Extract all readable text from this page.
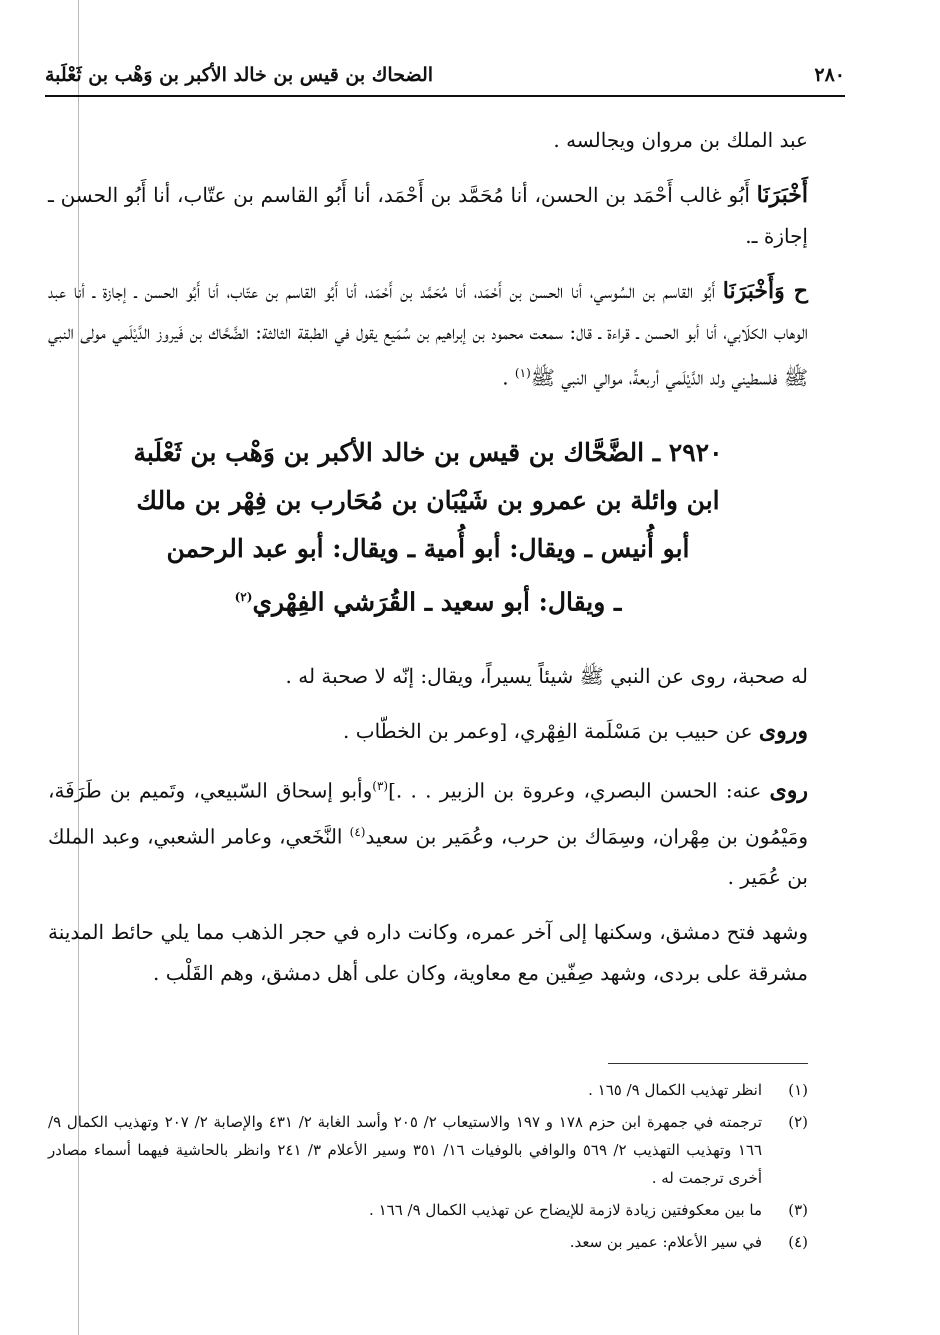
٢٨٠
الضحاك بن قيس بن خالد الأكبر بن وَهْب بن ثَعْلَبة

عبد الملك بن مروان ويجالسه .

أَخْبَرَنَا أَبُو غالب أَحْمَد بن الحسن، أنا مُحَمَّد بن أَحْمَد، أنا أَبُو القاسم بن عتّاب، أنا أَبُو الحسن ـ إجازة ـ.

ح وَأَخْبَرَنَا أَبُو القاسم بن السُوسي، أنا الحسن بن أَحْمَد، أنا مُحَمَّد بن أَحْمَد، أنا أَبُو القاسم بن عتّاب، أنا أَبُو الحسن ـ إجازة ـ أنا عبد الوهاب الكلَابي، أنا أبو الحسن ـ قراءة ـ قال: سمعت محمود بن إبراهيم بن سُمَيع يقول في الطبقة الثالثة: الضَّحَّاك بن فَيروز الدَّيْلَمي مولى النبي ﷺ فلسطيني ولد الدَّيْلَمي أربعةً، موالي النبي ﷺ$^{(١)}$ .

٢٩٢٠ ـ الضَّحَّاك بن قيس بن خالد الأكبر بن وَهْب بن ثَعْلَبة
ابن وائلة بن عمرو بن شَيْبَان بن مُحَارب بن فِهْر بن مالك
أبو أُنيس ـ ويقال: أبو أُمية ـ ويقال: أبو عبد الرحمن
ـ ويقال: أبو سعيد ـ القُرَشي الفِهْري$^{(٢)}$

له صحبة، روى عن النبي ﷺ شيئاً يسيراً، ويقال: إنّه لا صحبة له .

وروى عن حبيب بن مَسْلَمة الفِهْري، [وعمر بن الخطّاب .

روى عنه: الحسن البصري، وعروة بن الزبير . . .]$^{(٣)}$وأبو إسحاق السّبيعي، وتَميم بن طَرَفَة، ومَيْمُون بن مِهْران، وسِمَاك بن حرب، وعُمَير بن سعيد$^{(٤)}$ النَّخَعي، وعامر الشعبي، وعبد الملك بن عُمَير .

وشهد فتح دمشق، وسكنها إلى آخر عمره، وكانت داره في حجر الذهب مما يلي حائط المدينة مشرقة على بردى، وشهد صِفّين مع معاوية، وكان على أهل دمشق، وهم القَلْب .

(١)
انظر تهذيب الكمال ٩/ ١٦٥ .
(٢)
ترجمته في جمهرة ابن حزم ١٧٨ و ١٩٧ والاستيعاب ٢/ ٢٠٥ وأسد الغابة ٢/ ٤٣١ والإصابة ٢/ ٢٠٧ وتهذيب الكمال ٩/ ١٦٦ وتهذيب التهذيب ٢/ ٥٦٩ والوافي بالوفيات ١٦/ ٣٥١ وسير الأعلام ٣/ ٢٤١ وانظر بالحاشية فيهما أسماء مصادر أخرى ترجمت له .
(٣)
ما بين معكوفتين زيادة لازمة للإيضاح عن تهذيب الكمال ٩/ ١٦٦ .
(٤)
في سير الأعلام: عمير بن سعد.
